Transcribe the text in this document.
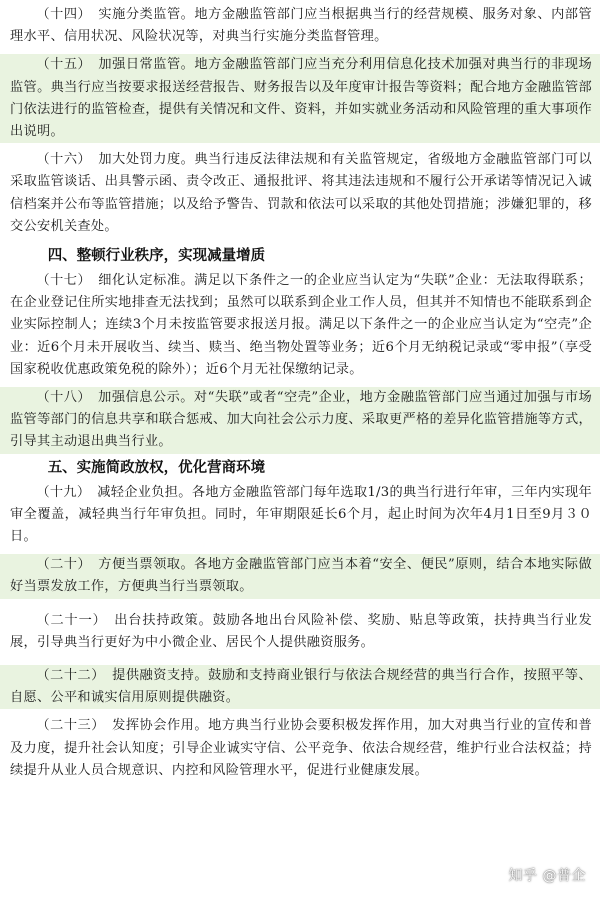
（十四）　实施分类监管。地方金融监管部门应当根据典当行的经营规模、服务对象、内部管理水平、信用状况、风险状况等，对典当行实施分类监督管理。

（十五）　加强日常监管。地方金融监管部门应当充分利用信息化技术加强对典当行的非现场监管。典当行应当按要求报送经营报告、财务报告以及年度审计报告等资料；配合地方金融监管部门依法进行的监管检查，提供有关情况和文件、资料，并如实就业务活动和风险管理的重大事项作出说明。

（十六）　加大处罚力度。典当行违反法律法规和有关监管规定，省级地方金融监管部门可以采取监管谈话、出具警示函、责令改正、通报批评、将其违法违规和不履行公开承诺等情况记入诚信档案并公布等监管措施；以及给予警告、罚款和依法可以采取的其他处罚措施；涉嫌犯罪的，移交公安机关查处。

四、整顿行业秩序，实现减量增质

（十七）　细化认定标准。满足以下条件之一的企业应当认定为“失联”企业：无法取得联系；在企业登记住所实地排查无法找到；虽然可以联系到企业工作人员，但其并不知情也不能联系到企业实际控制人；连续3个月未按监管要求报送月报。满足以下条件之一的企业应当认定为“空壳”企业：近6个月未开展收当、续当、赎当、绝当物处置等业务；近6个月无纳税记录或“零申报”（享受国家税收优惠政策免税的除外）；近6个月无社保缴纳记录。

（十八）　加强信息公示。对“失联”或者“空壳”企业，地方金融监管部门应当通过加强与市场监管等部门的信息共享和联合惩戒、加大向社会公示力度、采取更严格的差异化监管措施等方式，引导其主动退出典当行业。

五、实施简政放权，优化营商环境

（十九）　减轻企业负担。各地方金融监管部门每年选取1/3的典当行进行年审，三年内实现年审全覆盖，减轻典当行年审负担。同时，年审期限延长6个月，起止时间为次年4月1日至9月３０日。

（二十）　方便当票领取。各地方金融监管部门应当本着“安全、便民”原则，结合本地实际做好当票发放工作，方便典当行当票领取。

（二十一）　出台扶持政策。鼓励各地出台风险补偿、奖励、贴息等政策，扶持典当行业发展，引导典当行更好为中小微企业、居民个人提供融资服务。

（二十二）　提供融资支持。鼓励和支持商业银行与依法合规经营的典当行合作，按照平等、自愿、公平和诚实信用原则提供融资。

（二十三）　发挥协会作用。地方典当行业协会要积极发挥作用，加大对典当行业的宣传和普及力度，提升社会认知度；引导企业诚实守信、公平竞争、依法合规经营，维护行业合法权益；持续提升从业人员合规意识、内控和风险管理水平，促进行业健康发展。

知乎 @普企
